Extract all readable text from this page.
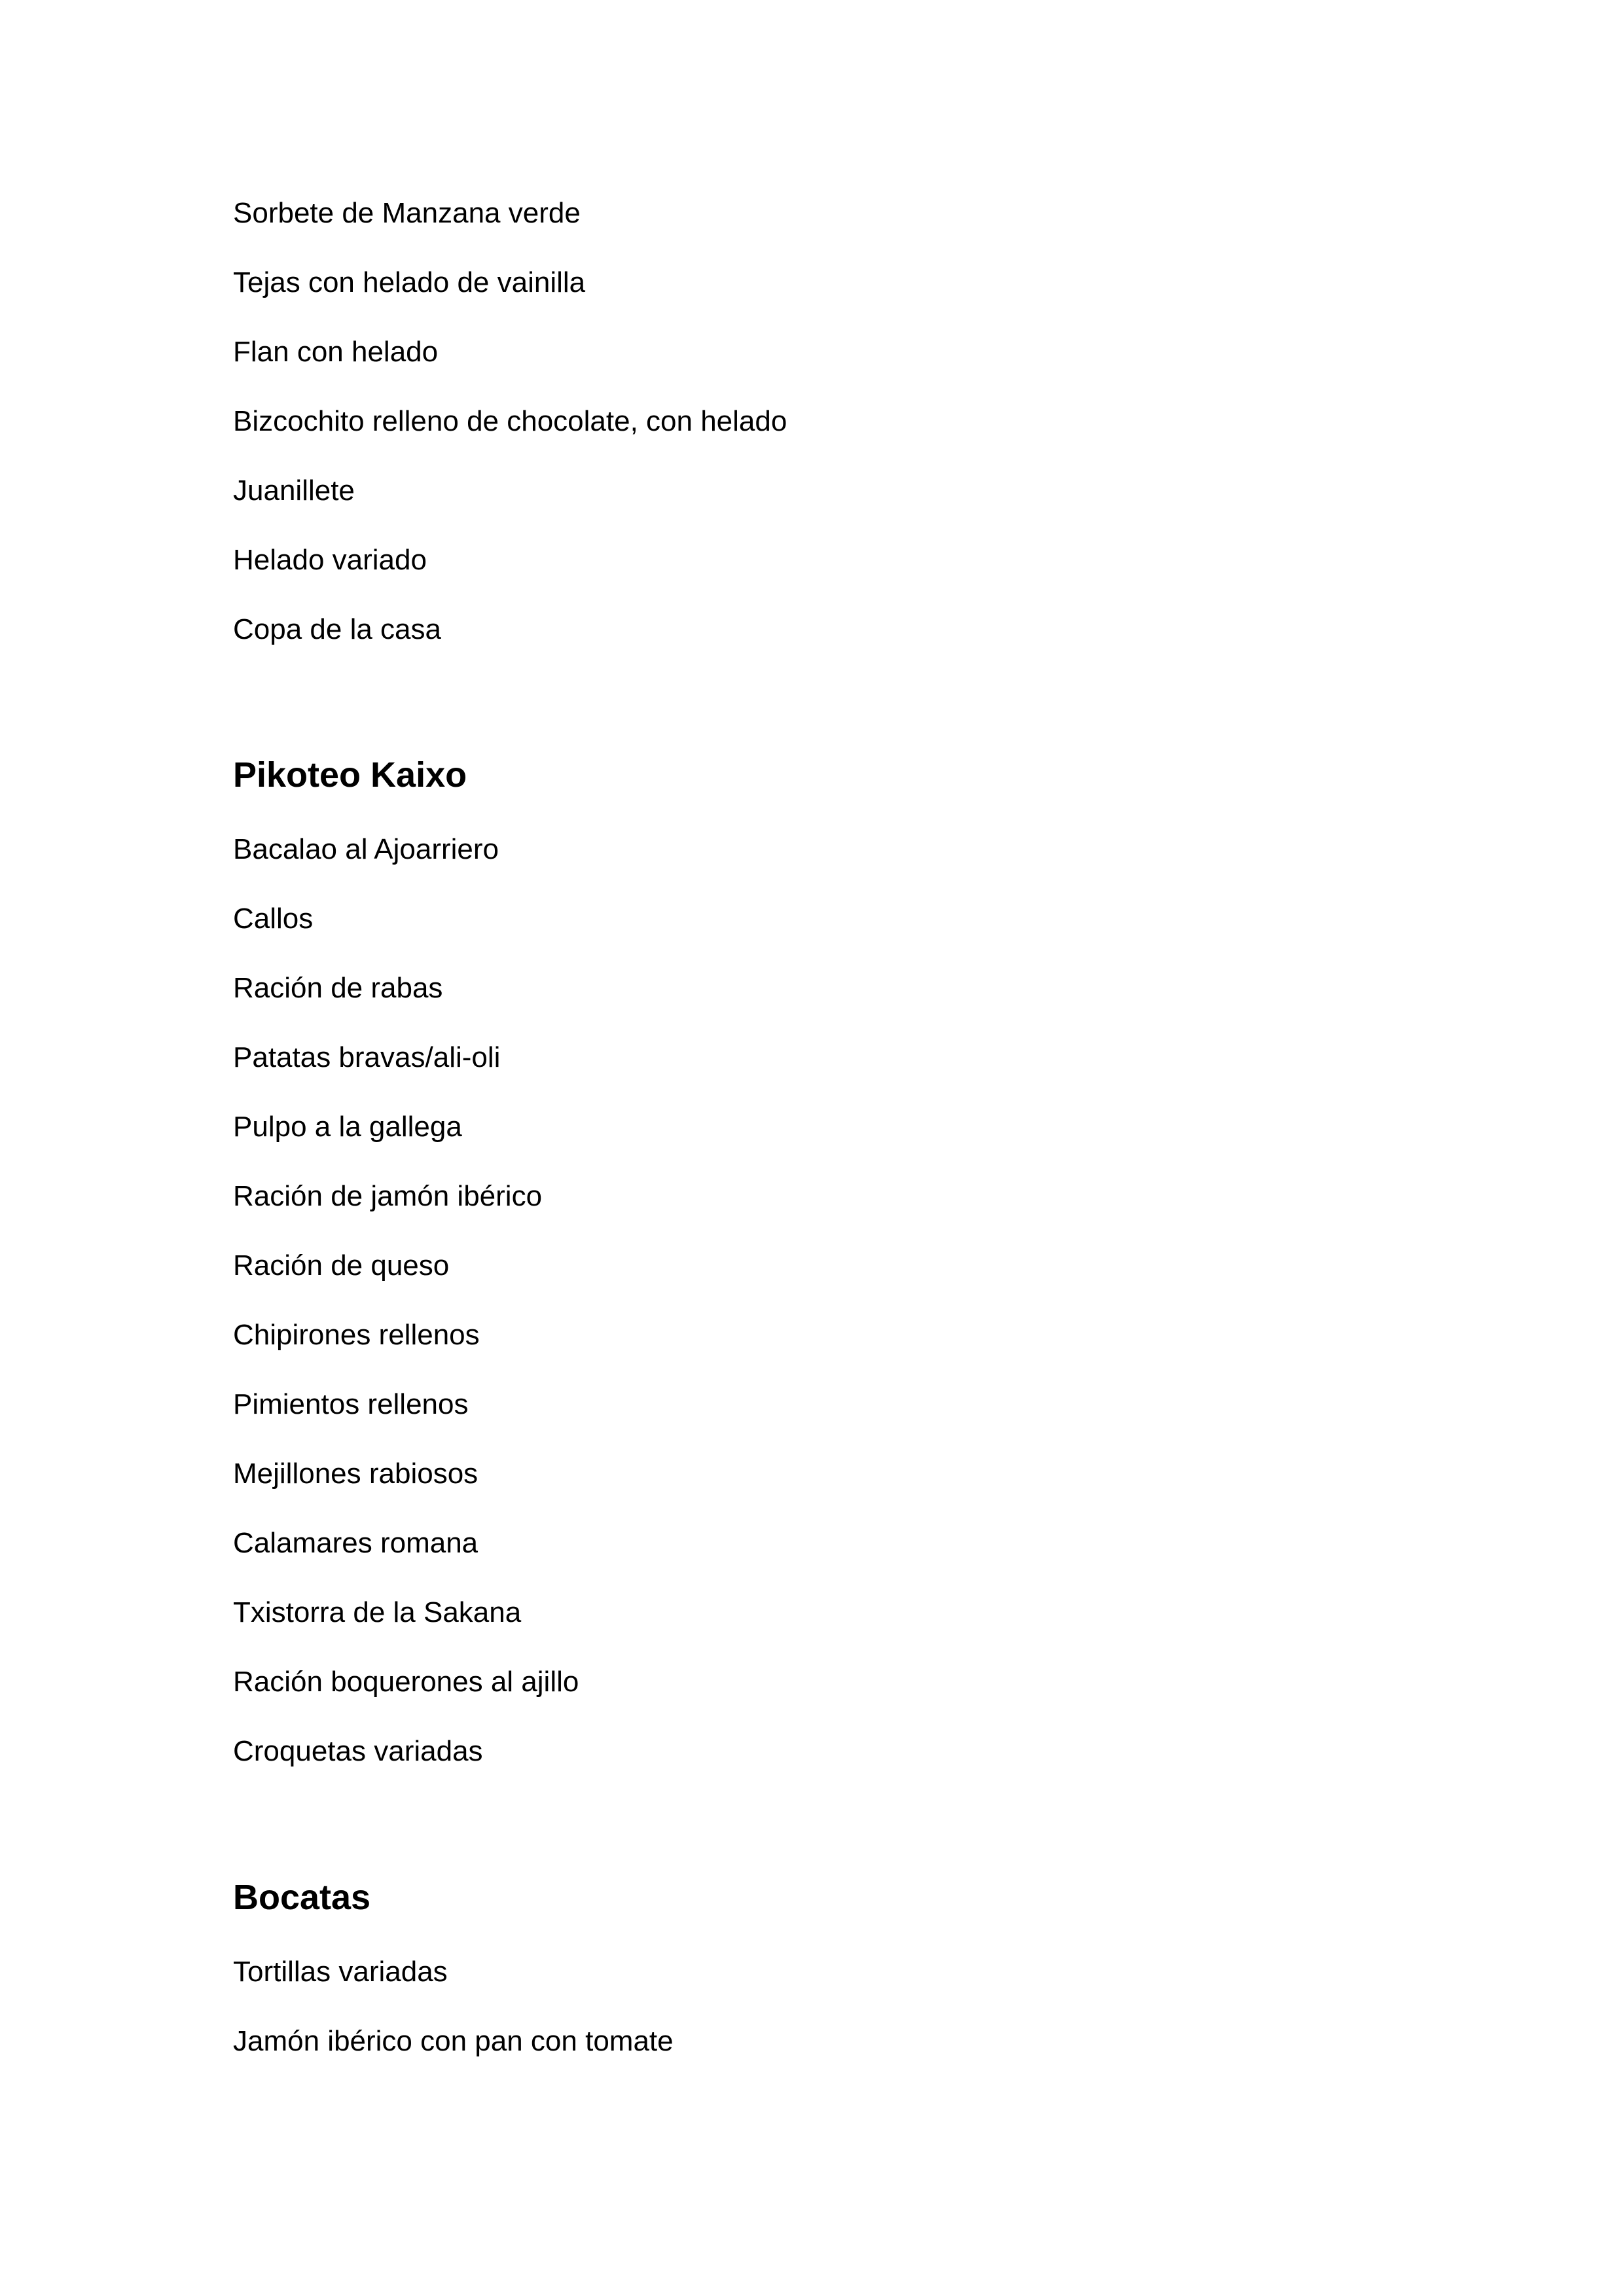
Sorbete de Manzana verde

Tejas con helado de vainilla

Flan con helado

Bizcochito relleno de chocolate, con helado

Juanillete

Helado variado

Copa de la casa

Pikoteo Kaixo

Bacalao al Ajoarriero

Callos

Ración de rabas

Patatas bravas/ali-oli

Pulpo a la gallega

Ración de jamón ibérico

Ración de queso

Chipirones rellenos

Pimientos rellenos

Mejillones rabiosos

Calamares romana

Txistorra de la Sakana

Ración boquerones al ajillo

Croquetas variadas

Bocatas

Tortillas variadas

Jamón ibérico con pan con tomate
